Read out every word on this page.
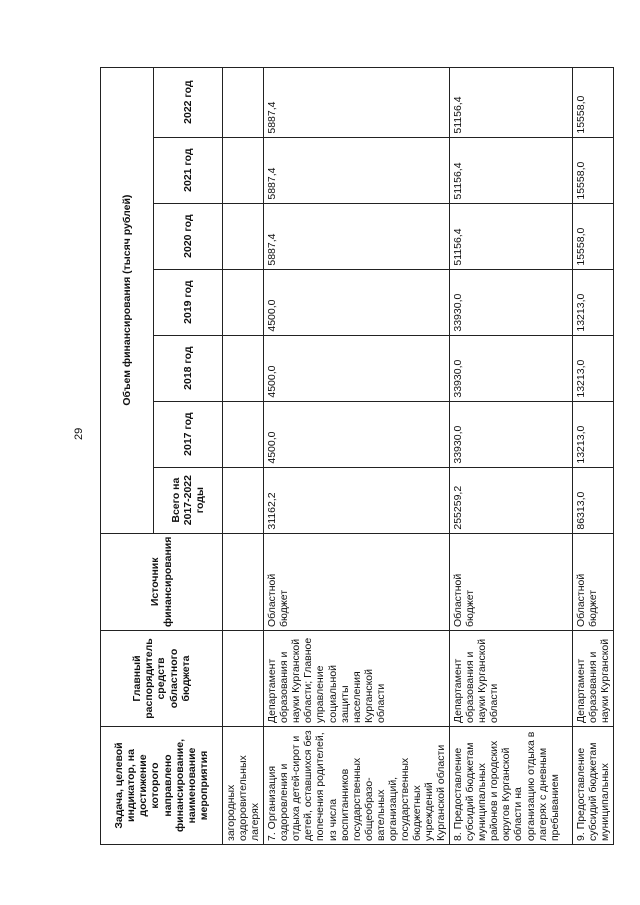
29
Задача, целевой индикатор, на достижение которого направлено финансирование, наименование мероприятия	Главный распорядитель средств областного бюджета	Источник финансирования	Объем финансирования (тысяч рублей)						
			Всего на 2017-2022 годы	2017 год	2018 год	2019 год	2020 год	2021 год	2022 год
загородных оздоровительных лагерях									
7. Организация оздоровления и отдыха детей-сирот и детей, оставшихся без попечения родителей, из числа воспитанников государственных общеобразо-вательных организаций, государственных бюджетных учреждений Курганской области	Департамент образования и науки Курганской области; Главное управление социальной защиты населения Курганской области	Областной бюджет	31162,2	4500,0	4500,0	4500,0	5887,4	5887,4	5887,4
8. Предоставление субсидий бюджетам муниципальных районов и городских округов Курганской области на организацию отдыха в лагерях с дневным пребыванием	Департамент образования и науки Курганской области	Областной бюджет	255259,2	33930,0	33930,0	33930,0	51156,4	51156,4	51156,4
9. Предоставление субсидий бюджетам муниципальных	Департамент образования и науки Курганской	Областной бюджет	86313,0	13213,0	13213,0	13213,0	15558,0	15558,0	15558,0
